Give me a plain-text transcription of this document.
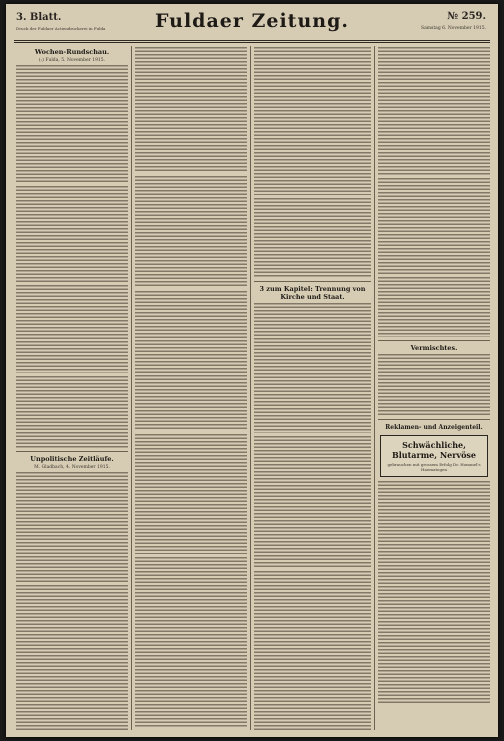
3. Blatt.
Druck der Fuldaer Actiendruckerei in Fulda	Fuldaer Zeitung.	№ 259.
Samstag 6. November 1915.
Wochen-Rundschau.
(:) Fulda, 5. November 1915.
Unpolitische Zeitläufe.
M. Gladbach, 4. November 1915.
3 zum Kapitel: Trennung von Kirche und Staat.
Vermischtes.
Reklamen- und Anzeigenteil.
Schwächliche, Blutarme, Nervöse
gebrauchen mit grossem Erfolg Dr. Hommel's Haematogen
